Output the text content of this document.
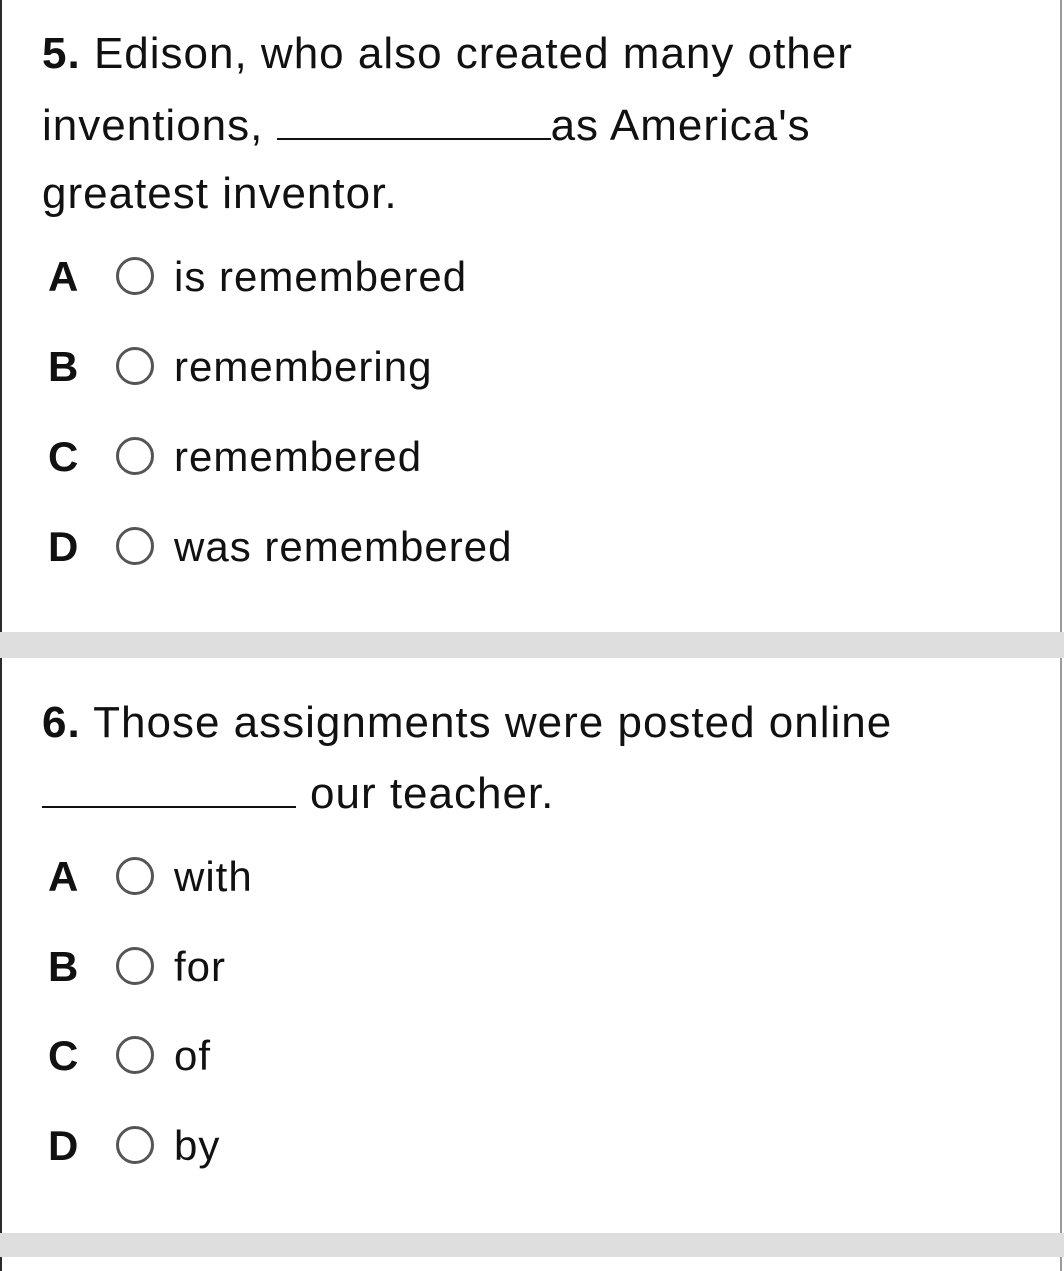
5. Edison, who also created many other
inventions,	as America's
greatest inventor.
A is remembered
B remembering
C remembered
D was remembered
6. Those assignments were posted online
our teacher.
A with
B for
C of
D by
